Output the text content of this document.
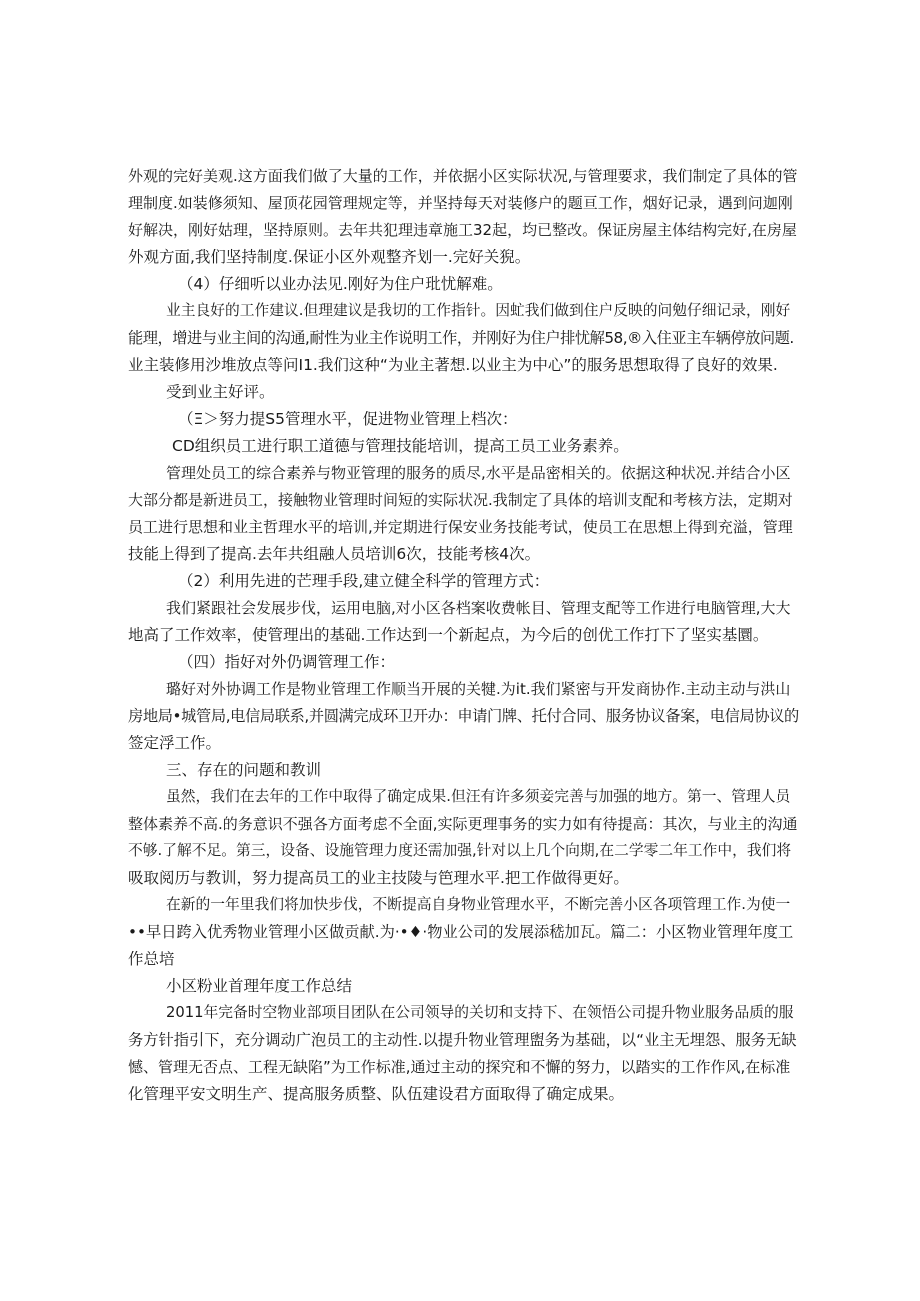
外观的完好美观.这方面我们做了大量的工作，并依据小区实际状况,与管理要求，我们制定了具体的管
理制度.如装修须知、屋顶花园管理规定等，并坚持每天对装修户的题亘工作，烟好记录，遇到问迦刚
好解决，刚好姑理，坚持原则。去年共犯理违章施工32起，均已整改。保证房屋主体结构完好,在房屋
外观方面,我们坚持制度.保证小区外观整齐划一.完好关猊。
（4）仔细听以业办法见.刚好为住户玭忧解难。
业主良好的工作建议.但理建议是我切的工作指针。因虻我们做到住户反映的问勉仔细记录，刚好
能理，增进与业主间的沟通,耐性为业主作说明工作，并刚好为住户排忧解58,®入住亚主车辆停放问题.
业主装修用沙堆放点等问I1.我们这种“为业主著想.以业主为中心”的服务思想取得了良好的效果.
受到业主好评。
（Ξ＞努力提S5管理水平，促进物业管理上档次：
CD组织员工进行职工道德与管理技能培训，提高工员工业务素养。
管理处员工的综合素养与物亚管理的服务的质尽,水平是品密相关的。依据这种状况.并结合小区
大部分都是新进员工，接触物业管理时间短的实际状况.我制定了具体的培训支配和考核方法，定期对
员工进行思想和业主哲理水平的培训,并定期进行保安业务技能考试，使员工在思想上得到充溢，管理
技能上得到了提高.去年共组融人员培训6次，技能考核4次。
（2）利用先进的芒理手段,建立健全科学的管理方式：
我们紧跟社会发展步伐，运用电脑,对小区各档案收费帐目、管理支配等工作进行电脑管理,大大
地高了工作效率，使管理出的基础.工作达到一个新起点，为今后的创优工作打下了坚实基圜。
（四）指好对外仍调管理工作：
璐好对外协调工作是物业管理工作顺当开展的关犍.为it.我们紧密与开发商协作.主动主动与洪山
房地局•城管局,电信局联系,并圆满完成环卫开办：申请门牌、托付合同、服务协议备案，电信局协议的
签定浮工作。
三、存在的问题和教训
虽然，我们在去年的工作中取得了确定成果.但汪有许多须妾完善与加强的地方。第一、管理人员
整体素养不高.的务意识不强各方面考虑不全面,实际更理事务的实力如有待提高：其次，与业主的沟通
不够.了解不足。第三，设备、设施管理力度还需加强,针对以上几个向期,在二学零二年工作中，我们将
吸取阅历与教训，努力提高员工的业主技陵与笆理水平.把工作做得更好。
在新的一年里我们将加快步伐，不断提高自身物业管理水平，不断完善小区各项管理工作.为使一
••早日跨入优秀物业管理小区做贡献.为·•♦·物业公司的发展添嵇加瓦。篇二：小区物业管理年度工
作总培
小区粉业首理年度工作总结
2011年完备时空物业部项目团队在公司领导的关切和支持下、在领悟公司提升物业服务品质的服
务方针指引下，充分调动广泡员工的主动性.以提升物业管理盥务为基础，以“业主无埋怨、服务无缺
憾、管理无否点、工程无缺陷”为工作标准,通过主动的探究和不懈的努力，以踏实的工作作风,在标准
化管理平安文明生产、提高服务质整、队伍建设君方面取得了确定成果。
